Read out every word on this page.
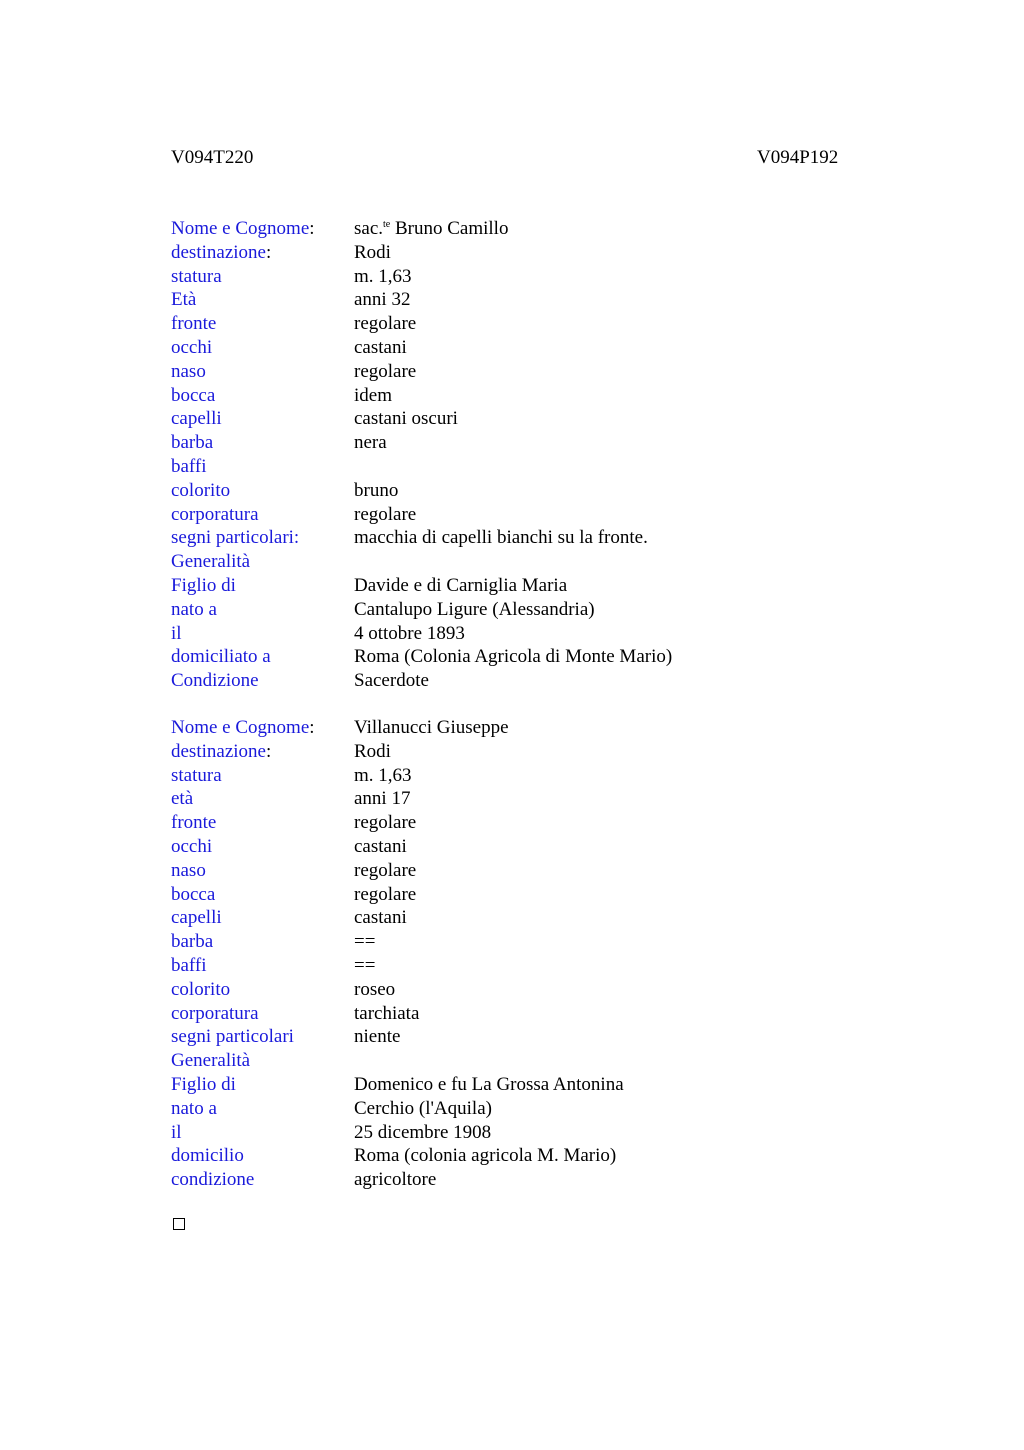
V094T220	V094P192
Nome e Cognome: sac.$^{te}$ Bruno Camillo
destinazione:	Rodi
statura	m. 1,63
Età	anni 32
fronte	regolare
occhi	castani
naso	regolare
bocca	idem
capelli	castani oscuri
barba	nera
baffi
colorito	bruno
corporatura	regolare
segni particolari:	macchia di capelli bianchi su la fronte.
Generalità
Figlio di	Davide e di Carniglia Maria
nato a	Cantalupo Ligure (Alessandria)
il	4 ottobre 1893
domiciliato a	Roma (Colonia Agricola di Monte Mario)
Condizione	Sacerdote
Nome e Cognome: Villanucci Giuseppe
destinazione:	Rodi
statura	m. 1,63
età	anni 17
fronte	regolare
occhi	castani
naso	regolare
bocca	regolare
capelli	castani
barba	==
baffi	==
colorito	roseo
corporatura	tarchiata
segni particolari	niente
Generalità
Figlio di	Domenico e fu La Grossa Antonina
nato a	Cerchio (l'Aquila)
il	25 dicembre 1908
domicilio	Roma (colonia agricola M. Mario)
condizione	agricoltore
